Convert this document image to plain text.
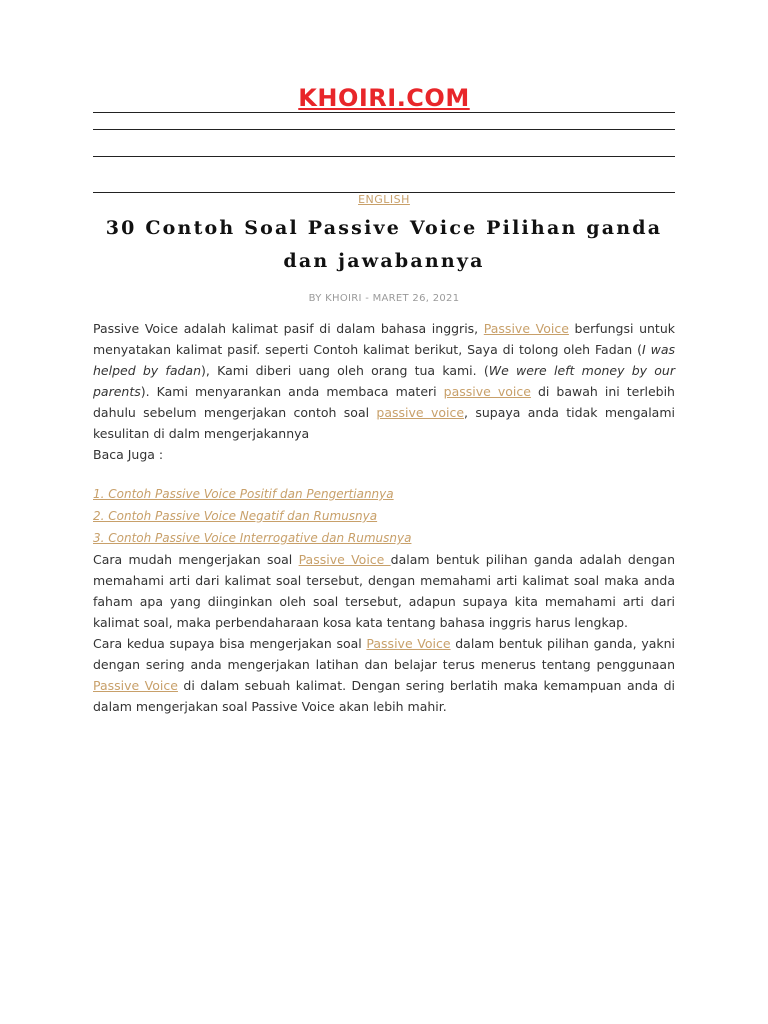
KHOIRI.COM
ENGLISH
30 Contoh Soal Passive Voice Pilihan ganda dan jawabannya
BY KHOIRI - MARET 26, 2021

Passive Voice adalah kalimat pasif di dalam bahasa inggris, Passive Voice berfungsi untuk menyatakan kalimat pasif. seperti Contoh kalimat berikut, Saya di tolong oleh Fadan (I was helped by fadan), Kami diberi uang oleh orang tua kami. (We were left money by our parents). Kami menyarankan anda membaca materi passive voice di bawah ini terlebih dahulu sebelum mengerjakan contoh soal passive voice, supaya anda tidak mengalami kesulitan di dalm mengerjakannya

Baca Juga :

1. Contoh Passive Voice Positif dan Pengertiannya

2. Contoh Passive Voice Negatif dan Rumusnya

3. Contoh Passive Voice Interrogative dan Rumusnya

Cara mudah mengerjakan soal Passive Voice dalam bentuk pilihan ganda adalah dengan memahami arti dari kalimat soal tersebut, dengan memahami arti kalimat soal maka anda faham apa yang diinginkan oleh soal tersebut, adapun supaya kita memahami arti dari kalimat soal, maka perbendaharaan kosa kata tentang bahasa inggris harus lengkap.

Cara kedua supaya bisa mengerjakan soal Passive Voice dalam bentuk pilihan ganda, yakni dengan sering anda mengerjakan latihan dan belajar terus menerus tentang penggunaan Passive Voice di dalam sebuah kalimat. Dengan sering berlatih maka kemampuan anda di dalam mengerjakan soal Passive Voice akan lebih mahir.
